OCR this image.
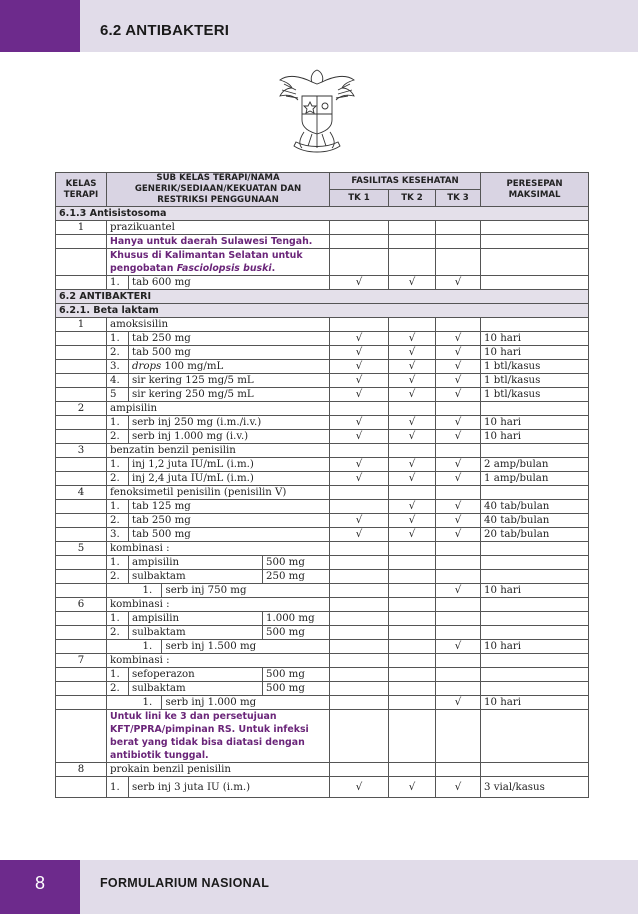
6.2 ANTIBAKTERI
KELAS TERAPI	SUB KELAS TERAPI/NAMA GENERIK/SEDIAAN/KEKUATAN DAN RESTRIKSI PENGGUNAAN			FASILITAS KESEHATAN			PERESEPAN MAKSIMAL
				TK 1	TK 2	TK 3	
6.1.3 Antisistosoma							
1	prazikuantel						
	Hanya untuk daerah Sulawesi Tengah.						
	Khusus di Kalimantan Selatan untuk pengobatan Fasciolopsis buski.						
	1.	tab 600 mg		√	√	√	
6.2 ANTIBAKTERI							
6.2.1. Beta laktam							
1	amoksisilin						
	1.	tab 250 mg		√	√	√	10 hari
	2.	tab 500 mg		√	√	√	10 hari
	3.	drops 100 mg/mL		√	√	√	1 btl/kasus
	4.	sir kering 125 mg/5 mL		√	√	√	1 btl/kasus
	5	sir kering 250 mg/5 mL		√	√	√	1 btl/kasus
2	ampisilin						
	1.	serb inj 250 mg (i.m./i.v.)		√	√	√	10 hari
	2.	serb inj 1.000 mg (i.v.)		√	√	√	10 hari
3	benzatin benzil penisilin						
	1.	inj 1,2 juta IU/mL (i.m.)		√	√	√	2 amp/bulan
	2.	inj 2,4 juta IU/mL (i.m.)		√	√	√	1 amp/bulan
4	fenoksimetil penisilin (penisilin V)						
	1.	tab 125 mg			√	√	40 tab/bulan
	2.	tab 250 mg		√	√	√	40 tab/bulan
	3.	tab 500 mg		√	√	√	20 tab/bulan
5	kombinasi :						
	1.	ampisilin	500 mg				
	2.	sulbaktam	250 mg				
		1. serb inj 750 mg				√	10 hari
6	kombinasi :						
	1.	ampisilin	1.000 mg				
	2.	sulbaktam	500 mg				
		1. serb inj 1.500 mg				√	10 hari
7	kombinasi :						
	1.	sefoperazon	500 mg				
	2.	sulbaktam	500 mg				
		1. serb inj 1.000 mg				√	10 hari
	Untuk lini ke 3 dan persetujuan KFT/PPRA/pimpinan RS. Untuk infeksi berat yang tidak bisa diatasi dengan antibiotik tunggal.						
8	prokain benzil penisilin						
	1.	serb inj 3 juta IU (i.m.)		√	√	√	3 vial/kasus
8	FORMULARIUM NASIONAL
